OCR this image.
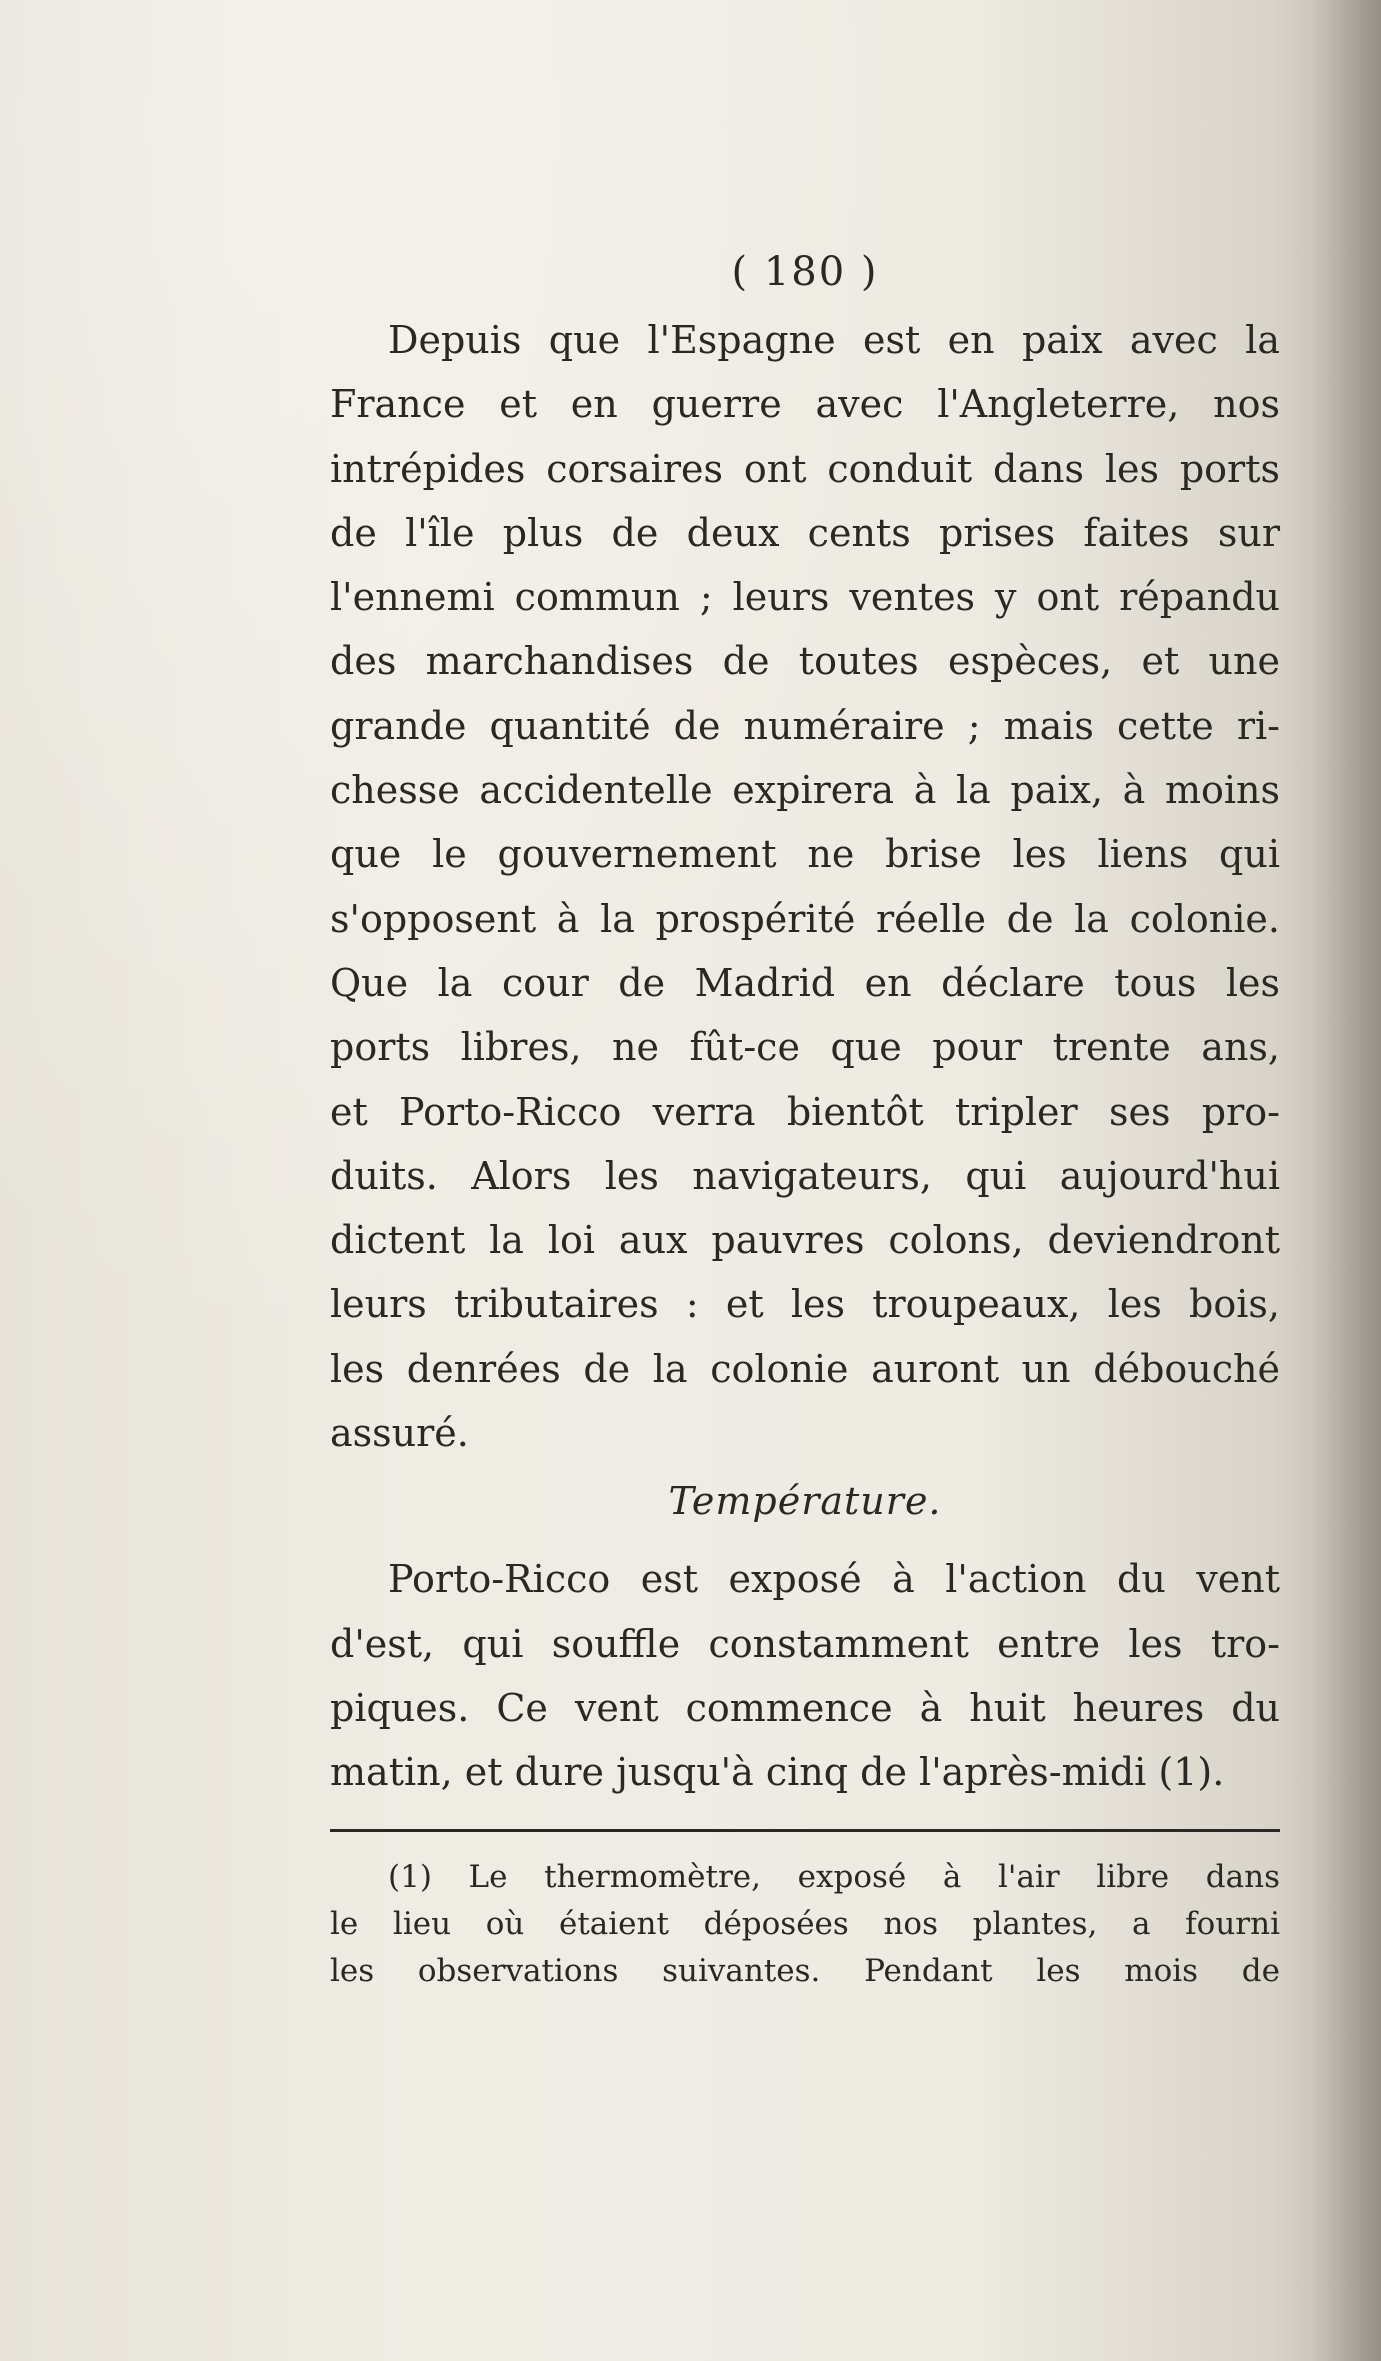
( 180 )

Depuis que l'Espagne est en paix avec la
France et en guerre avec l'Angleterre, nos
intrépides corsaires ont conduit dans les ports
de l'île plus de deux cents prises faites sur
l'ennemi commun ; leurs ventes y ont répandu
des marchandises de toutes espèces, et une
grande quantité de numéraire ; mais cette ri-
chesse accidentelle expirera à la paix, à moins
que le gouvernement ne brise les liens qui
s'opposent à la prospérité réelle de la colonie.
Que la cour de Madrid en déclare tous les
ports libres, ne fût-ce que pour trente ans,
et Porto-Ricco verra bientôt tripler ses pro-
duits. Alors les navigateurs, qui aujourd'hui
dictent la loi aux pauvres colons, deviendront
leurs tributaires : et les troupeaux, les bois,
les denrées de la colonie auront un débouché
assuré.

Température.

Porto-Ricco est exposé à l'action du vent
d'est, qui souffle constamment entre les tro-
piques. Ce vent commence à huit heures du
matin, et dure jusqu'à cinq de l'après-midi (1).

(1) Le thermomètre, exposé à l'air libre dans
le lieu où étaient déposées nos plantes, a fourni
les observations suivantes. Pendant les mois de
